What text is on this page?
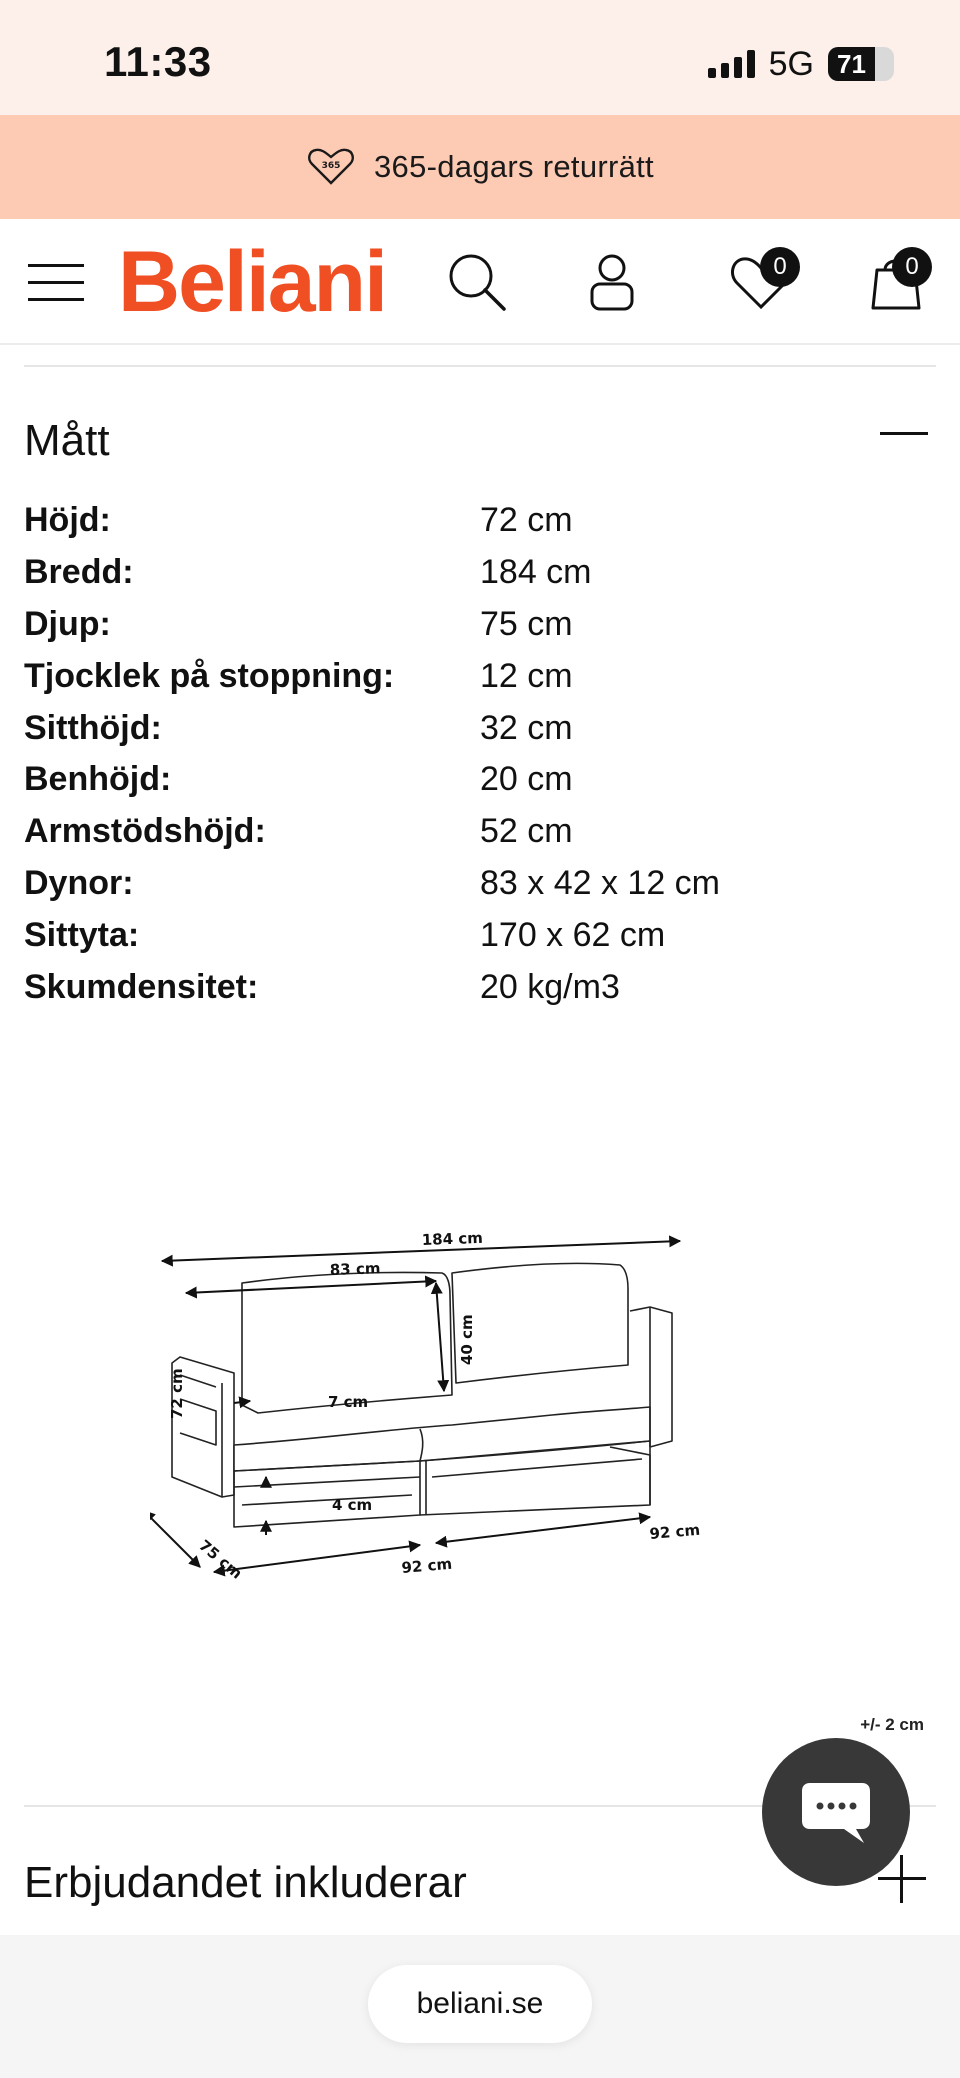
11:33	5G 71
365 365-dagars returrätt
Beliani	0	0
Mått
Höjd:	72 cm
Bredd:	184 cm
Djup:	75 cm
Tjocklek på stoppning:	12 cm
Sitthöjd:	32 cm
Benhöjd:	20 cm
Armstödshöjd:	52 cm
Dynor:	83 x 42 x 12 cm
Sittyta:	170 x 62 cm
Skumdensitet:	20 kg/m3
184 cm
83 cm
40 cm
72 cm	7 cm
4 cm
75 cm	92 cm
92 cm
+/- 2 cm
Erbjudandet inkluderar
beliani.se
